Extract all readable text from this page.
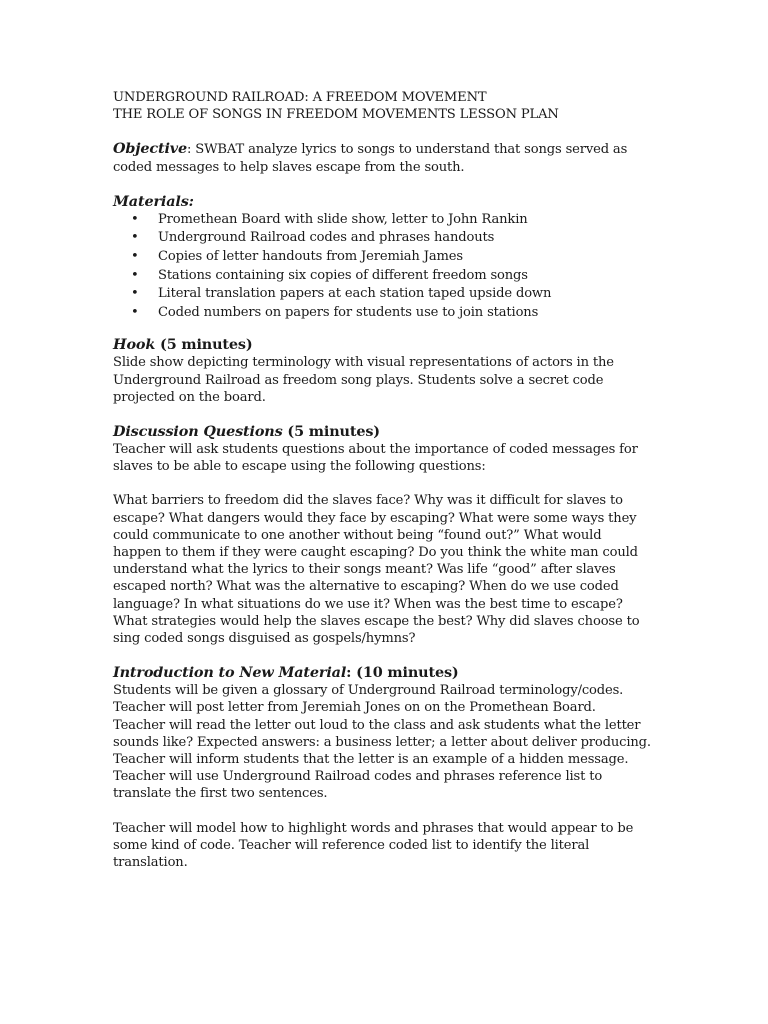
UNDERGROUND RAILROAD: A FREEDOM MOVEMENT
THE ROLE OF SONGS IN FREEDOM MOVEMENTS LESSON PLAN
Objective: SWBAT analyze lyrics to songs to understand that songs served as coded messages to help slaves escape from the south.
Materials:
• Promethean Board with slide show, letter to John Rankin
• Underground Railroad codes and phrases handouts
• Copies of letter handouts from Jeremiah James
• Stations containing six copies of different freedom songs
• Literal translation papers at each station taped upside down
• Coded numbers on papers for students use to join stations
Hook (5 minutes)

Slide show depicting terminology with visual representations of actors in the Underground Railroad as freedom song plays. Students solve a secret code projected on the board.

Discussion Questions (5 minutes)

Teacher will ask students questions about the importance of coded messages for slaves to be able to escape using the following questions:

What barriers to freedom did the slaves face? Why was it difficult for slaves to escape? What dangers would they face by escaping? What were some ways they could communicate to one another without being “found out?” What would happen to them if they were caught escaping? Do you think the white man could understand what the lyrics to their songs meant? Was life “good” after slaves escaped north? What was the alternative to escaping? When do we use coded language? In what situations do we use it? When was the best time to escape? What strategies would help the slaves escape the best? Why did slaves choose to sing coded songs disguised as gospels/hymns?

Introduction to New Material: (10 minutes)

Students will be given a glossary of Underground Railroad terminology/codes.

Teacher will post letter from Jeremiah Jones on on the Promethean Board.

Teacher will read the letter out loud to the class and ask students what the letter sounds like? Expected answers: a business letter; a letter about deliver producing.

Teacher will inform students that the letter is an example of a hidden message.

Teacher will use Underground Railroad codes and phrases reference list to translate the first two sentences.

Teacher will model how to highlight words and phrases that would appear to be some kind of code. Teacher will reference coded list to identify the literal translation.
